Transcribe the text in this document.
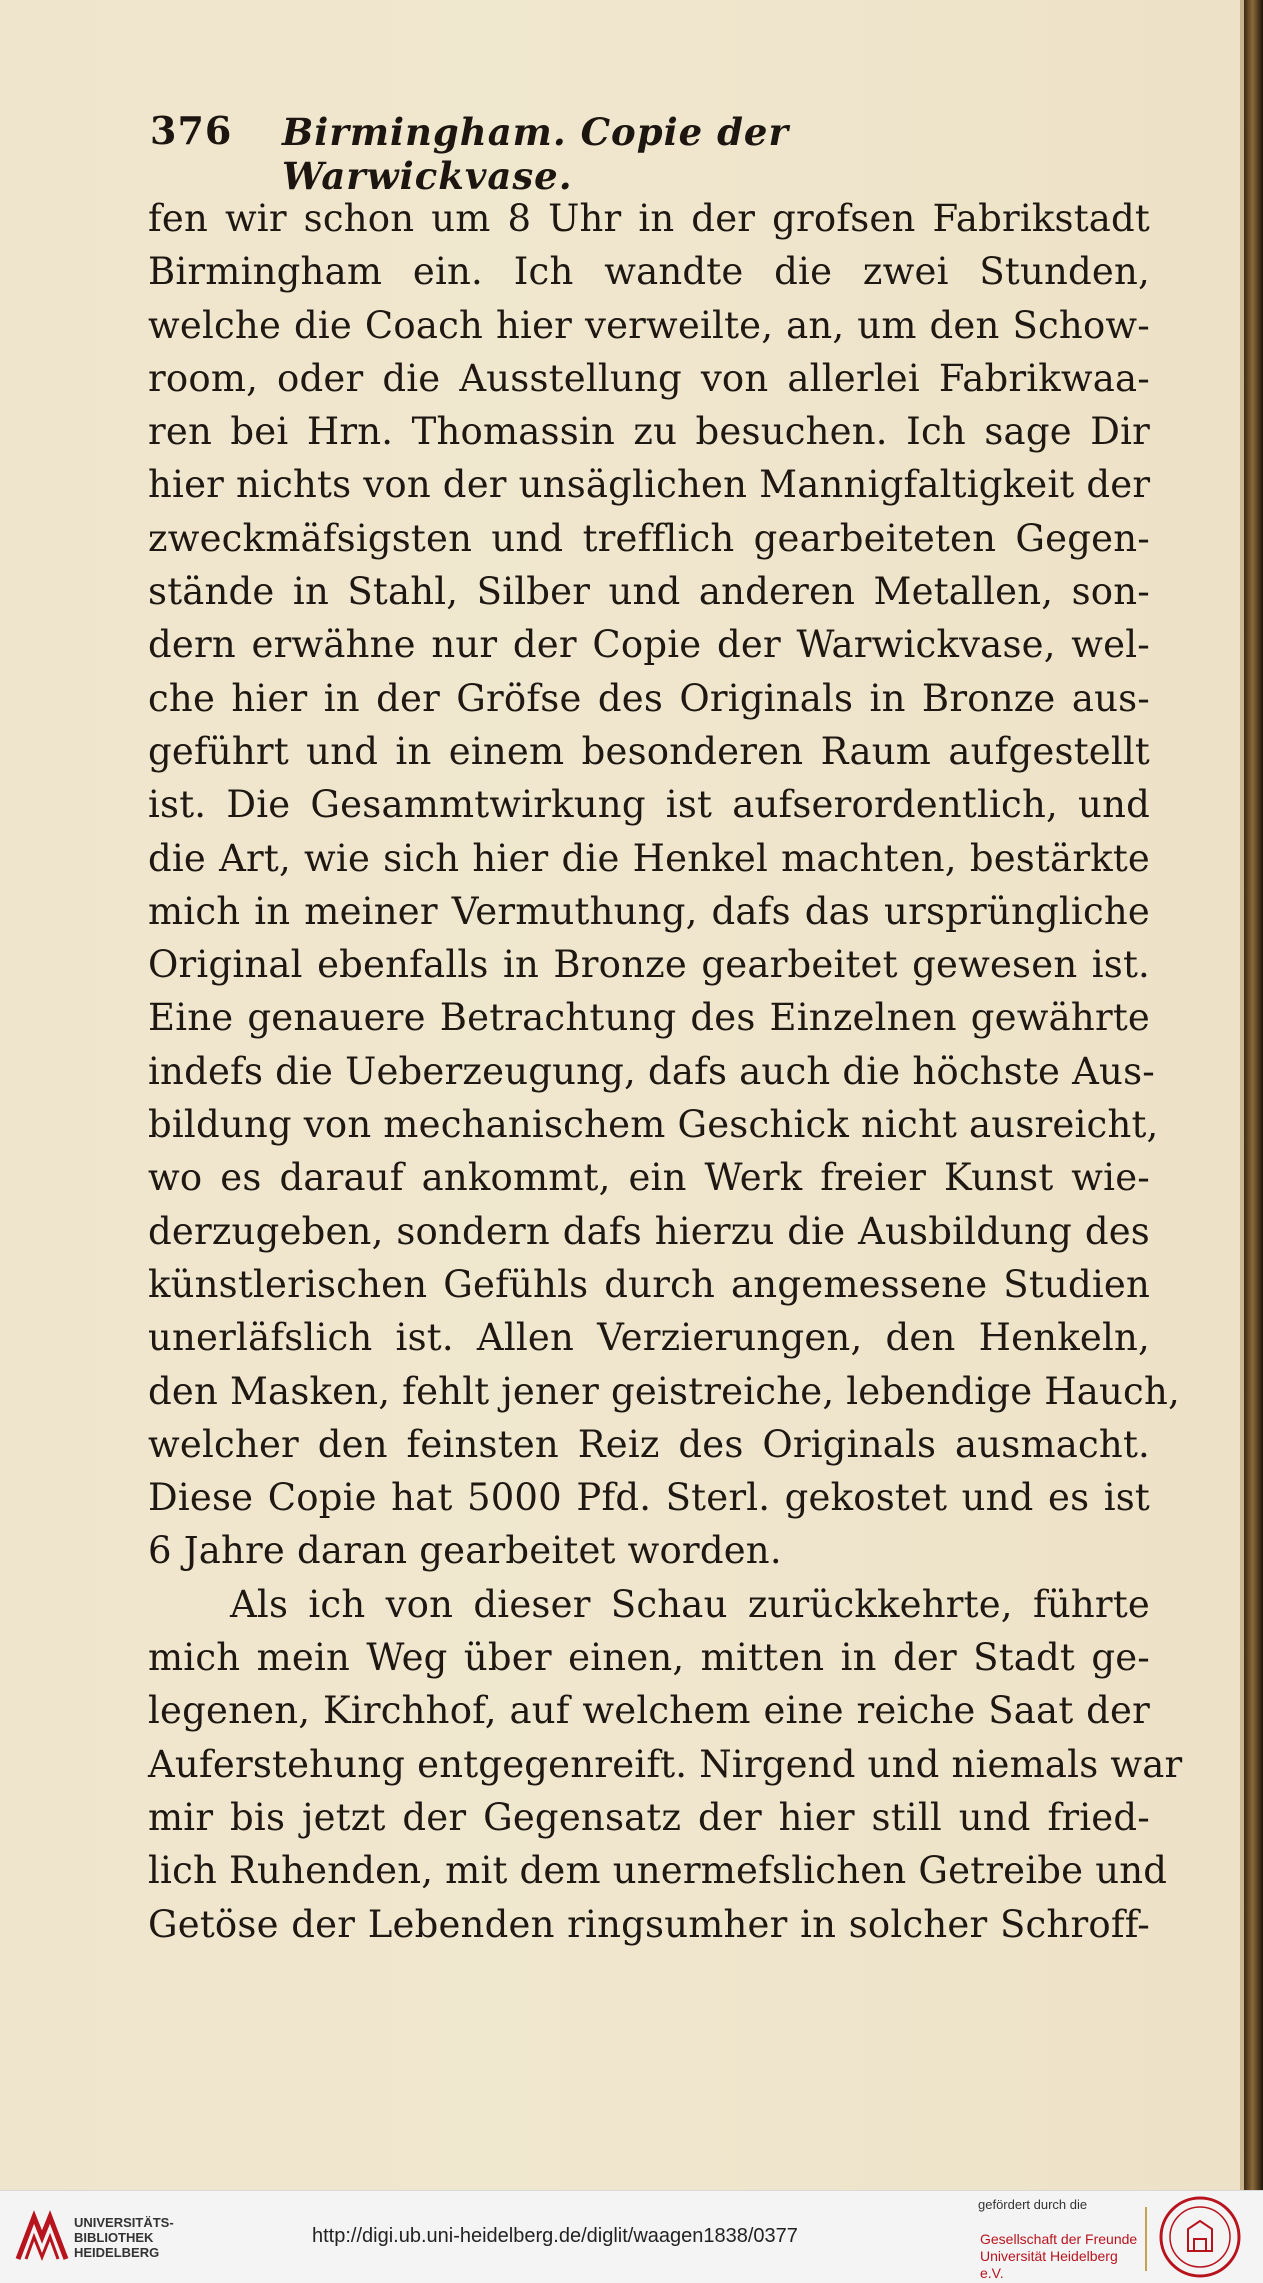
376 Birmingham. Copie der Warwickvase.
fen wir schon um 8 Uhr in der grofsen Fabrikstadt
Birmingham ein. Ich wandte die zwei Stunden,
welche die Coach hier verweilte, an, um den Schow-
room, oder die Ausstellung von allerlei Fabrikwaa-
ren bei Hrn. Thomassin zu besuchen. Ich sage Dir
hier nichts von der unsäglichen Mannigfaltigkeit der
zweckmäfsigsten und trefflich gearbeiteten Gegen-
stände in Stahl, Silber und anderen Metallen, son-
dern erwähne nur der Copie der Warwickvase, wel-
che hier in der Gröfse des Originals in Bronze aus-
geführt und in einem besonderen Raum aufgestellt
ist. Die Gesammtwirkung ist aufserordentlich, und
die Art, wie sich hier die Henkel machten, bestärkte
mich in meiner Vermuthung, dafs das ursprüngliche
Original ebenfalls in Bronze gearbeitet gewesen ist.
Eine genauere Betrachtung des Einzelnen gewährte
indefs die Ueberzeugung, dafs auch die höchste Aus-
bildung von mechanischem Geschick nicht ausreicht,
wo es darauf ankommt, ein Werk freier Kunst wie-
derzugeben, sondern dafs hierzu die Ausbildung des
künstlerischen Gefühls durch angemessene Studien
unerläfslich ist. Allen Verzierungen, den Henkeln,
den Masken, fehlt jener geistreiche, lebendige Hauch,
welcher den feinsten Reiz des Originals ausmacht.
Diese Copie hat 5000 Pfd. Sterl. gekostet und es ist
6 Jahre daran gearbeitet worden.
Als ich von dieser Schau zurückkehrte, führte
mich mein Weg über einen, mitten in der Stadt ge-
legenen, Kirchhof, auf welchem eine reiche Saat der
Auferstehung entgegenreift. Nirgend und niemals war
mir bis jetzt der Gegensatz der hier still und fried-
lich Ruhenden, mit dem unermefslichen Getreibe und
Getöse der Lebenden ringsumher in solcher Schroff-
UNIVERSITÄTS-
BIBLIOTHEK
HEIDELBERG
http://digi.ub.uni-heidelberg.de/diglit/waagen1838/0377
gefördert durch die
Gesellschaft der Freunde
Universität Heidelberg e.V.
